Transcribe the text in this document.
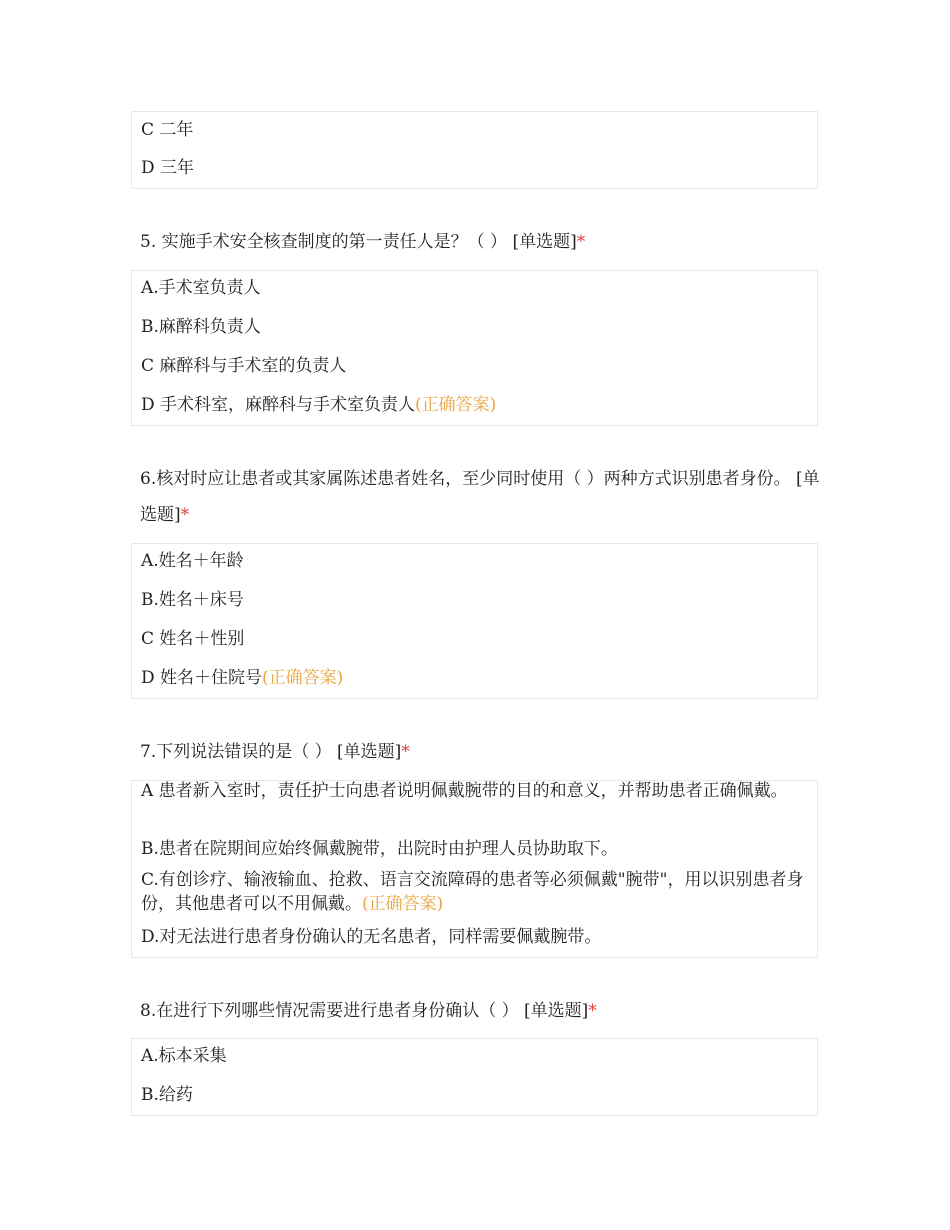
C 二年
D 三年
5. 实施手术安全核查制度的第一责任人是？（ ） [单选题]*
A.手术室负责人
B.麻醉科负责人
C 麻醉科与手术室的负责人
D 手术科室，麻醉科与手术室负责人(正确答案)
6.核对时应让患者或其家属陈述患者姓名，至少同时使用（ ）两种方式识别患者身份。 [单选题]*
A.姓名＋年龄
B.姓名＋床号
C 姓名＋性别
D 姓名＋住院号(正确答案)
7.下列说法错误的是（ ） [单选题]*
A 患者新入室时，责任护士向患者说明佩戴腕带的目的和意义，并帮助患者正确佩戴。
B.患者在院期间应始终佩戴腕带，出院时由护理人员协助取下。
C.有创诊疗、输液输血、抢救、语言交流障碍的患者等必须佩戴"腕带"，用以识别患者身份，其他患者可以不用佩戴。(正确答案)
D.对无法进行患者身份确认的无名患者，同样需要佩戴腕带。
8.在进行下列哪些情况需要进行患者身份确认（ ） [单选题]*
A.标本采集
B.给药
